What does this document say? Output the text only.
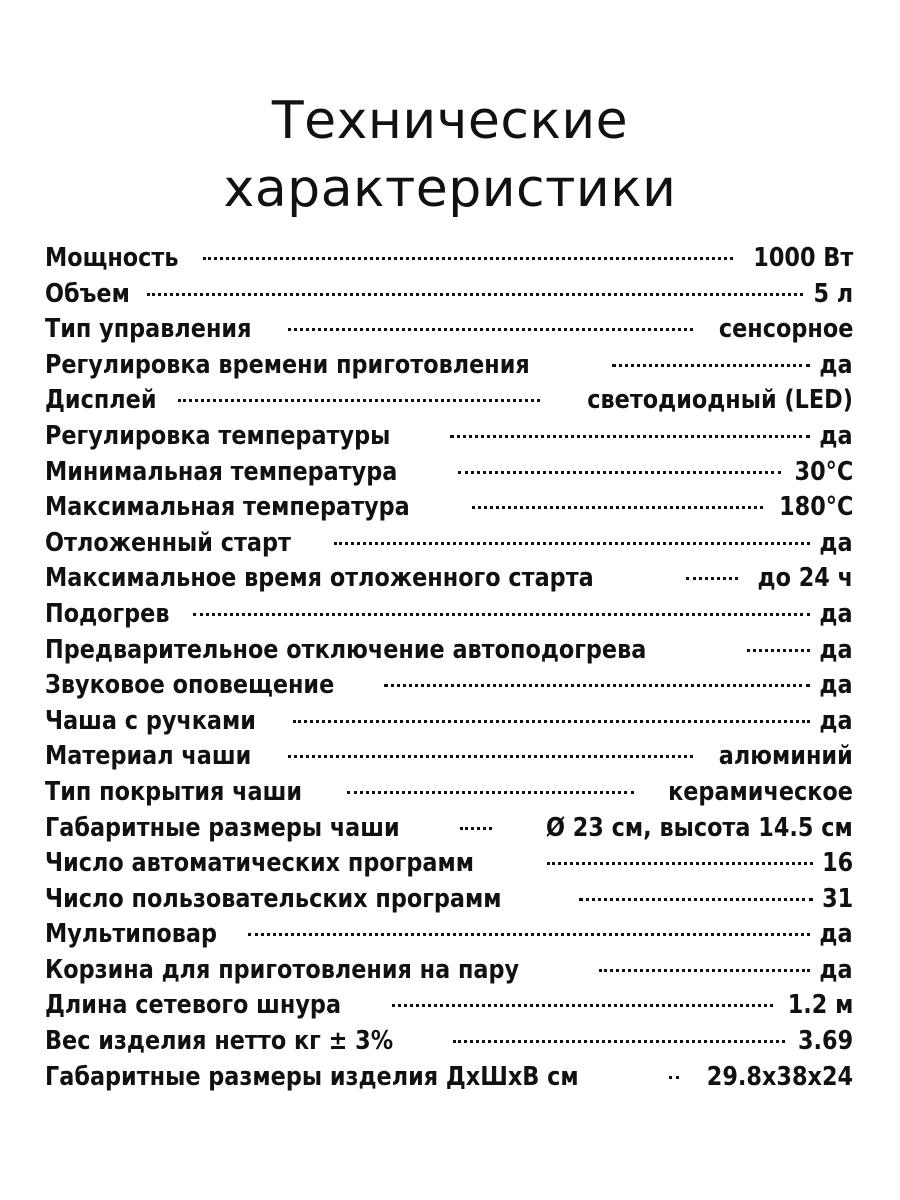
Технические
характеристики
Мощность	1000 Вт
Объем	5 л
Тип управления	сенсорное
Регулировка времени приготовления	да
Дисплей	светодиодный (LED)
Регулировка температуры	да
Минимальная температура	30°С
Максимальная температура	180°С
Отложенный старт	да
Максимальное время отложенного старта	до 24 ч
Подогрев	да
Предварительное отключение автоподогрева	да
Звуковое оповещение	да
Чаша с ручками	да
Материал чаши	алюминий
Тип покрытия чаши	керамическое
Габаритные размеры чаши	Ø 23 см, высота 14.5 см
Число автоматических программ	16
Число пользовательских программ	31
Мультиповар	да
Корзина для приготовления на пару	да
Длина сетевого шнура	1.2 м
Вес изделия нетто кг ± 3%	3.69
Габаритные размеры изделия ДхШхВ см	29.8x38x24
